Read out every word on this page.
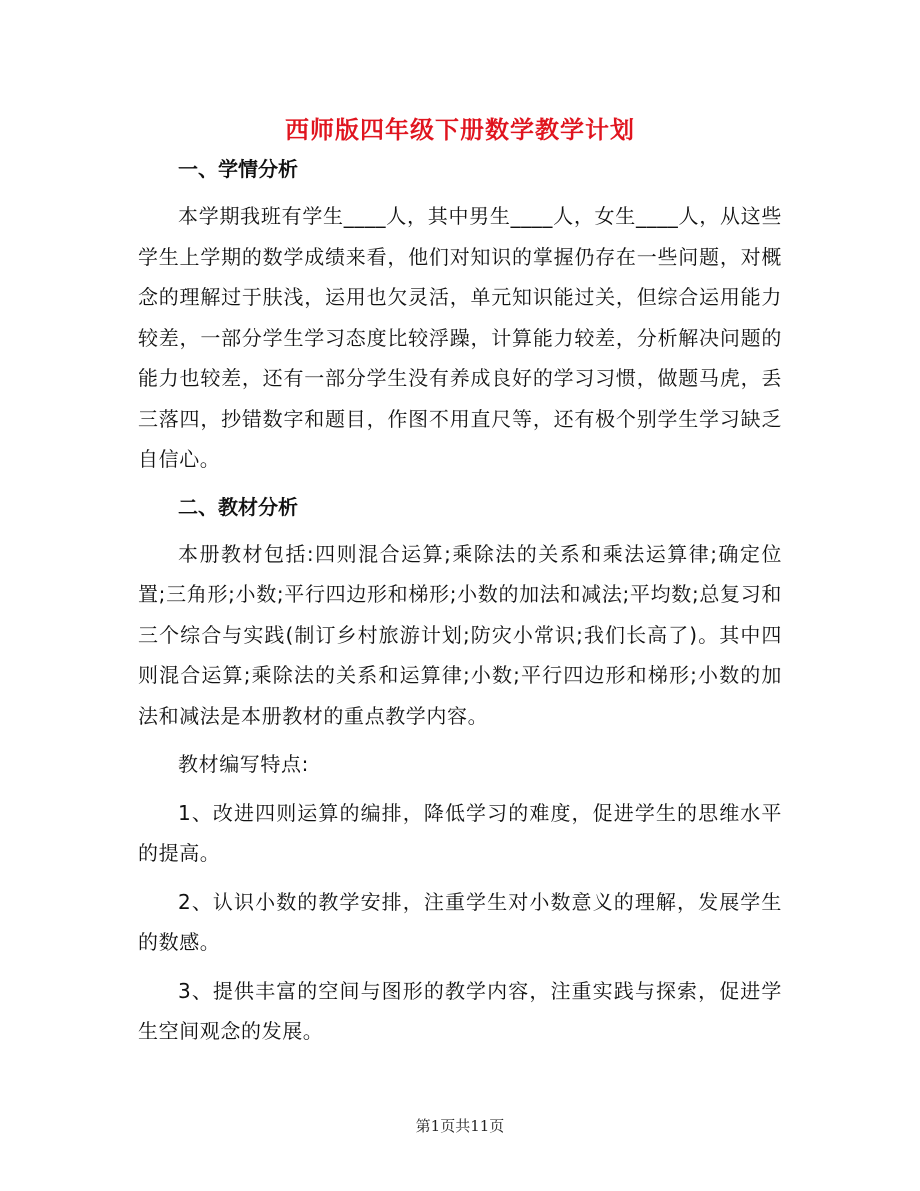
西师版四年级下册数学教学计划

一、学情分析

本学期我班有学生____人，其中男生____人，女生____人，从这些学生上学期的数学成绩来看，他们对知识的掌握仍存在一些问题，对概念的理解过于肤浅，运用也欠灵活，单元知识能过关，但综合运用能力较差，一部分学生学习态度比较浮躁，计算能力较差，分析解决问题的能力也较差，还有一部分学生没有养成良好的学习习惯，做题马虎，丢三落四，抄错数字和题目，作图不用直尺等，还有极个别学生学习缺乏自信心。

二、教材分析

本册教材包括:四则混合运算;乘除法的关系和乘法运算律;确定位置;三角形;小数;平行四边形和梯形;小数的加法和减法;平均数;总复习和三个综合与实践(制订乡村旅游计划;防灾小常识;我们长高了)。其中四则混合运算;乘除法的关系和运算律;小数;平行四边形和梯形;小数的加法和减法是本册教材的重点教学内容。

教材编写特点:

1、改进四则运算的编排，降低学习的难度，促进学生的思维水平的提高。

2、认识小数的教学安排，注重学生对小数意义的理解，发展学生的数感。

3、提供丰富的空间与图形的教学内容，注重实践与探索，促进学生空间观念的发展。

第1页共11页
